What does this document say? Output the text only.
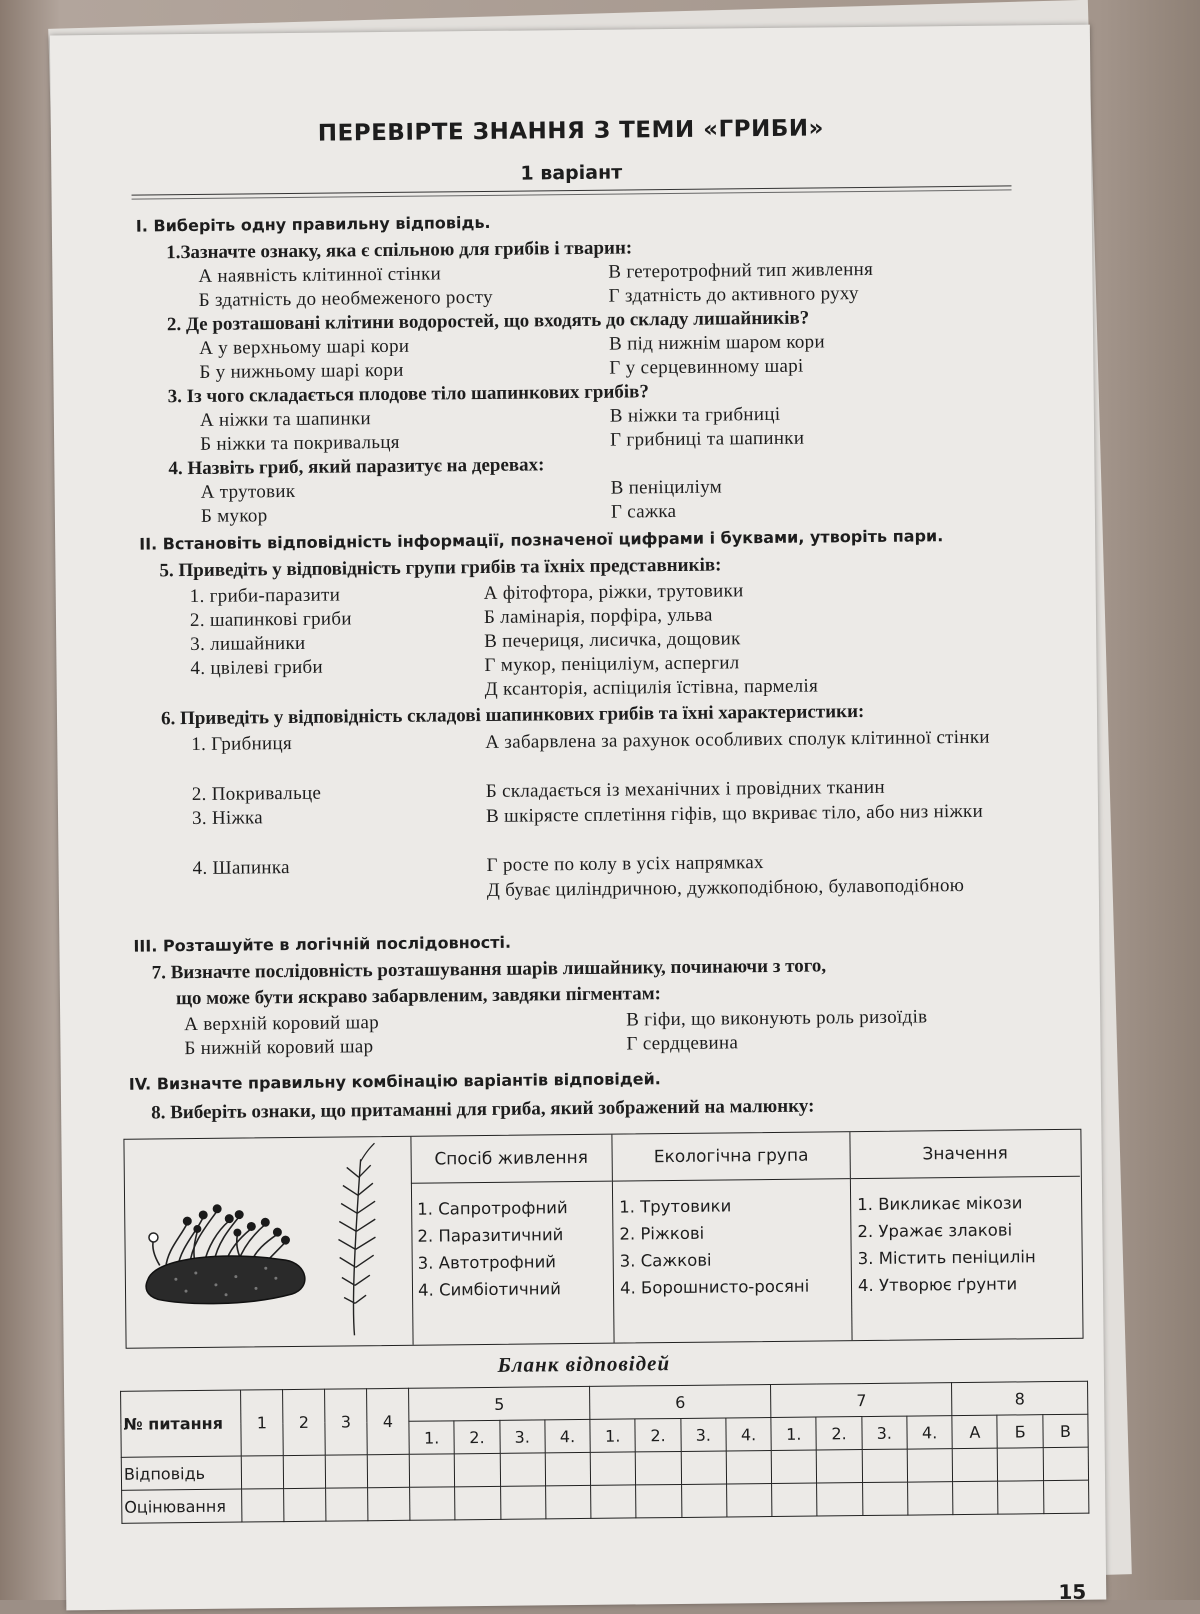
ПЕРЕВІРТЕ ЗНАННЯ З ТЕМИ «ГРИБИ»
1 варіант
I. Виберіть одну правильну відповідь.
1.Зазначте ознаку, яка є спільною для грибів і тварин:
А наявність клітинної стінки
Б здатність до необмеженого росту
В гетеротрофний тип живлення
Г здатність до активного руху
2. Де розташовані клітини водоростей, що входять до складу лишайників?
А у верхньому шарі кори
Б у нижньому шарі кори
В під нижнім шаром кори
Г у серцевинному шарі
3. Із чого складається плодове тіло шапинкових грибів?
А ніжки та шапинки
Б ніжки та покривальця
В ніжки та грибниці
Г грибниці та шапинки
4. Назвіть гриб, який паразитує на деревах:
А трутовик
Б мукор
В пеніциліум
Г сажка
II. Встановіть відповідність інформації, позначеної цифрами і буквами, утворіть пари.
5. Приведіть у відповідність групи грибів та їхніх представників:
1. гриби-паразити
2. шапинкові гриби
3. лишайники
4. цвілеві гриби
А фітофтора, ріжки, трутовики
Б ламінарія, порфіра, ульва
В печериця, лисичка, дощовик
Г мукор, пеніциліум, аспергил
Д ксанторія, аспіцилія їстівна, пармелія
6. Приведіть у відповідність складові шапинкових грибів та їхні характеристики:
1. Грибниця
2. Покривальце
3. Ніжка
4. Шапинка
А забарвлена за рахунок особливих сполук клітинної стінки
Б складається із механічних і провідних тканин
В шкірясте сплетіння гіфів, що вкриває тіло, або низ ніжки
Г росте по колу в усіх напрямках
Д буває циліндричною, дужкоподібною, булавоподібною
III. Розташуйте в логічній послідовності.
7. Визначте послідовність розташування шарів лишайнику, починаючи з того,
що може бути яскраво забарвленим, завдяки пігментам:
А верхній коровий шар
Б нижній коровий шар
В гіфи, що виконують роль ризоїдів
Г сердцевина
IV. Визначте правильну комбінацію варіантів відповідей.
8. Виберіть ознаки, що притаманні для гриба, який зображений на малюнку:
Спосіб живлення
1. Сапротрофний
2. Паразитичний
3. Автотрофний
4. Симбіотичний
Екологічна група
1. Трутовики
2. Ріжкові
3. Сажкові
4. Борошнисто-росяні
Значення
1. Викликає мікози
2. Уражає злакові
3. Містить пеніцилін
4. Утворює ґрунти
Бланк відповідей
№ питання	1	2	3	4	5				6				7				8		
					1.	2.	3.	4.	1.	2.	3.	4.	1.	2.	3.	4.	А	Б	В
Відповідь																			
Оцінювання																			
15
